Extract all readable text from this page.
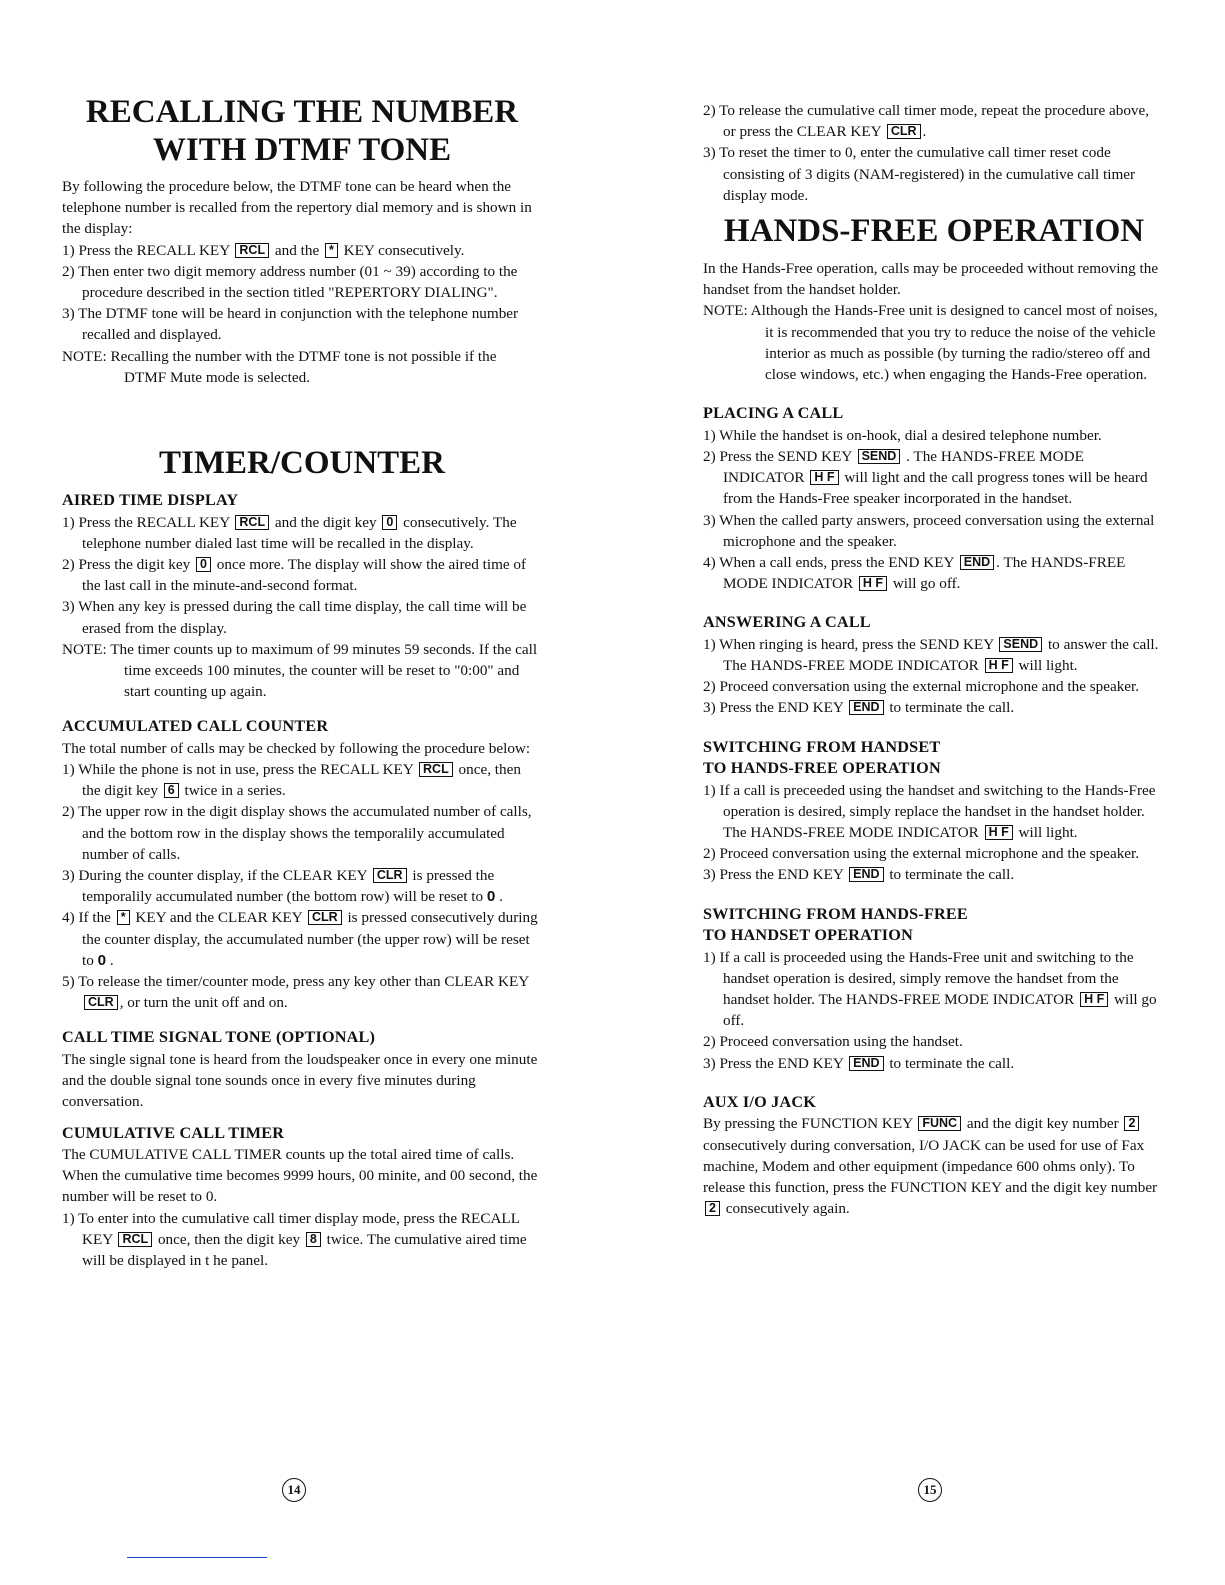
RECALLING THE NUMBER
WITH DTMF TONE

By following the procedure below, the DTMF tone can be heard when the telephone number is recalled from the repertory dial memory and is shown in the display:

1) Press the RECALL KEY RCL and the * KEY consecutively.

2) Then enter two digit memory address number (01 ~ 39) according to the procedure described in the section titled "REPERTORY DIALING".

3) The DTMF tone will be heard in conjunction with the telephone number recalled and displayed.

NOTE: Recalling the number with the DTMF tone is not possible if the DTMF Mute mode is selected.

TIMER/COUNTER
AIRED TIME DISPLAY

1) Press the RECALL KEY RCL and the digit key 0 consecutively. The telephone number dialed last time will be recalled in the display.

2) Press the digit key 0 once more. The display will show the aired time of the last call in the minute-and-second format.

3) When any key is pressed during the call time display, the call time will be erased from the display.

NOTE: The timer counts up to maximum of 99 minutes 59 seconds. If the call time exceeds 100 minutes, the counter will be reset to "0:00" and start counting up again.

ACCUMULATED CALL COUNTER

The total number of calls may be checked by following the procedure below:

1) While the phone is not in use, press the RECALL KEY RCL once, then the digit key 6 twice in a series.

2) The upper row in the digit display shows the accumulated number of calls, and the bottom row in the display shows the temporalily accumulated number of calls.

3) During the counter display, if the CLEAR KEY CLR is pressed the temporalily accumulated number (the bottom row) will be reset to 0 .

4) If the * KEY and the CLEAR KEY CLR is pressed consecutively during the counter display, the accumulated number (the upper row) will be reset to 0 .

5) To release the timer/counter mode, press any key other than CLEAR KEY CLR , or turn the unit off and on.

CALL TIME SIGNAL TONE (OPTIONAL)

The single signal tone is heard from the loudspeaker once in every one minute and the double signal tone sounds once in every five minutes during conversation.

CUMULATIVE CALL TIMER

The CUMULATIVE CALL TIMER counts up the total aired time of calls. When the cumulative time becomes 9999 hours, 00 minite, and 00 second, the number will be reset to 0.

1) To enter into the cumulative call timer display mode, press the RECALL KEY RCL once, then the digit key 8 twice. The cumulative aired time will be displayed in t he panel.

2) To release the cumulative call timer mode, repeat the procedure above, or press the CLEAR KEY CLR .

3) To reset the timer to 0, enter the cumulative call timer reset code consisting of 3 digits (NAM-registered) in the cumulative call timer display mode.

HANDS-FREE OPERATION

In the Hands-Free operation, calls may be proceeded without removing the handset from the handset holder.

NOTE: Although the Hands-Free unit is designed to cancel most of noises, it is recommended that you try to reduce the noise of the vehicle interior as much as possible (by turning the radio/stereo off and close windows, etc.) when engaging the Hands-Free operation.

PLACING A CALL

1) While the handset is on-hook, dial a desired telephone number.

2) Press the SEND KEY SEND . The HANDS-FREE MODE INDICATOR H F will light and the call progress tones will be heard from the Hands-Free speaker incorporated in the handset.

3) When the called party answers, proceed conversation using the external microphone and the speaker.

4) When a call ends, press the END KEY END . The HANDS-FREE MODE INDICATOR H F will go off.

ANSWERING A CALL

1) When ringing is heard, press the SEND KEY SEND to answer the call. The HANDS-FREE MODE INDICATOR H F will light.

2) Proceed conversation using the external microphone and the speaker.

3) Press the END KEY END to terminate the call.

SWITCHING FROM HANDSET
TO HANDS-FREE OPERATION

1) If a call is preceeded using the handset and switching to the Hands-Free operation is desired, simply replace the handset in the handset holder. The HANDS-FREE MODE INDICATOR H F will light.

2) Proceed conversation using the external microphone and the speaker.

3) Press the END KEY END to terminate the call.

SWITCHING FROM HANDS-FREE
TO HANDSET OPERATION

1) If a call is proceeded using the Hands-Free unit and switching to the handset operation is desired, simply remove the handset from the handset holder. The HANDS-FREE MODE INDICATOR H F will go off.

2) Proceed conversation using the handset.

3) Press the END KEY END to terminate the call.

AUX I/O JACK

By pressing the FUNCTION KEY FUNC and the digit key number 2 consecutively during conversation, I/O JACK can be used for use of Fax machine, Modem and other equipment (impedance 600 ohms only). To release this function, press the FUNCTION KEY and the digit key number 2 consecutively again.

14	15
